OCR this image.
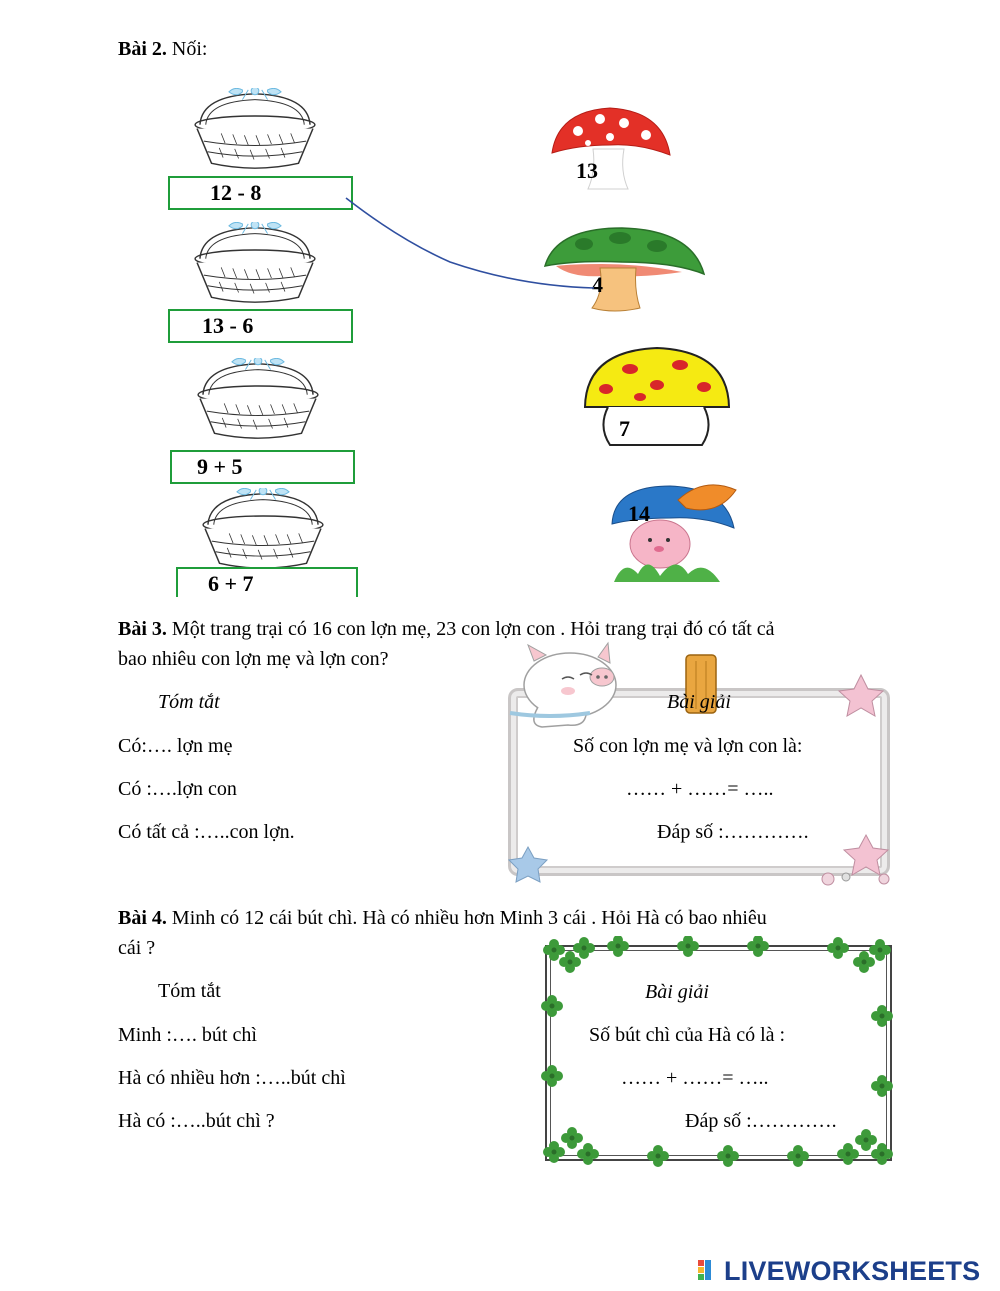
Bài 2. Nối:
12 - 8
13 - 6
9 + 5
6 + 7
13
4
7
14
Bài 3. Một trang trại có 16 con lợn mẹ, 23 con lợn con . Hỏi trang trại đó có tất cả
bao nhiêu con lợn mẹ và lợn con?
Tóm tắt	Bài giải
Có:…. lợn mẹ
Có :….lợn con
Có tất cả :…..con lợn.
Số con lợn mẹ và lợn con là:
…… + ……= …..
Đáp số :………….
Bài 4. Minh có 12 cái bút chì. Hà có nhiều hơn Minh 3 cái . Hỏi Hà có bao nhiêu
cái ?
Tóm tắt	Bài giải
Minh :…. bút chì
Hà có nhiều hơn :…..bút chì
Hà có :…..bút chì ?
Số bút chì của Hà có là :
…… + ……= …..
Đáp số :………….
LIVEWORKSHEETS
